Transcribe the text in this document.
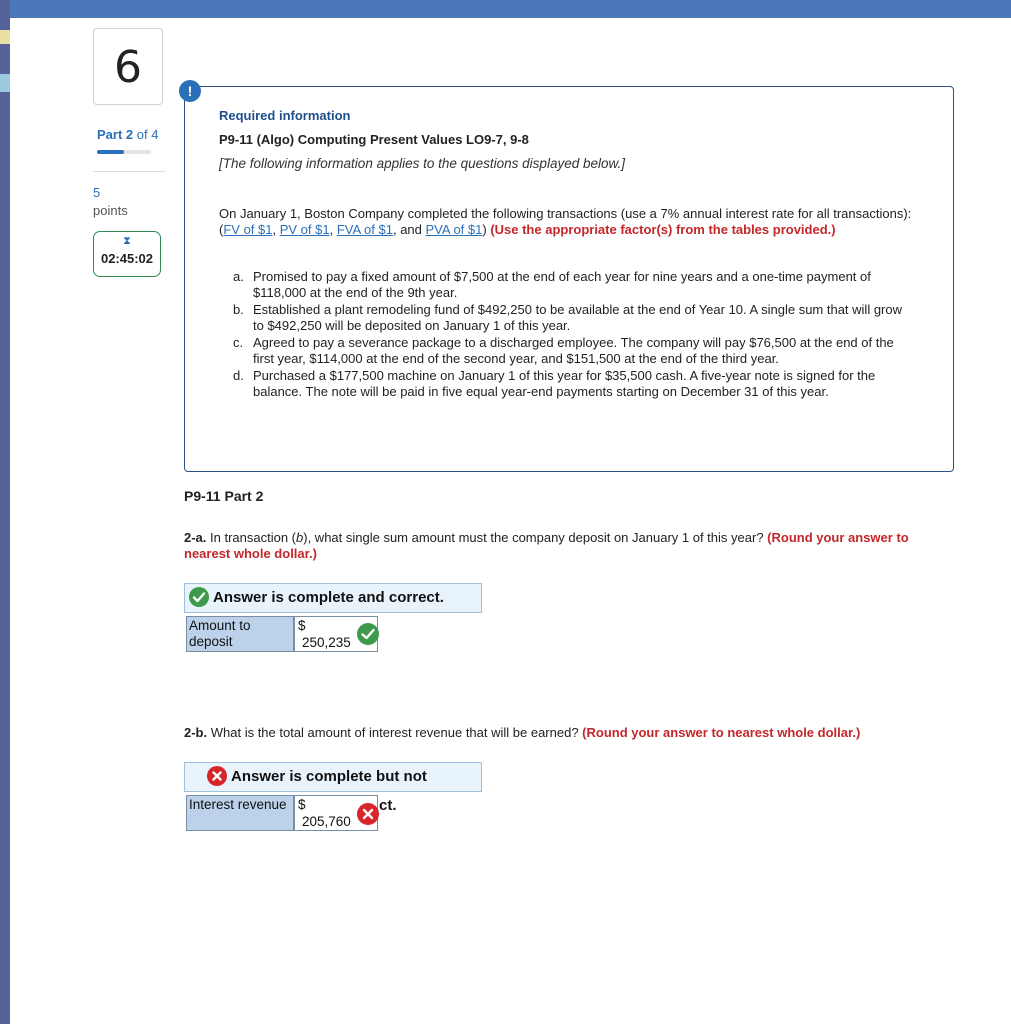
6
Part 2 of 4
5
points
⧗
02:45:02
!
Required information
P9-11 (Algo) Computing Present Values LO9-7, 9-8
[The following information applies to the questions displayed below.]
On January 1, Boston Company completed the following transactions (use a 7% annual interest rate for all transactions): (FV of $1, PV of $1, FVA of $1, and PVA of $1) (Use the appropriate factor(s) from the tables provided.)
a. Promised to pay a fixed amount of $7,500 at the end of each year for nine years and a one-time payment of $118,000 at the end of the 9th year.
b. Established a plant remodeling fund of $492,250 to be available at the end of Year 10. A single sum that will grow to $492,250 will be deposited on January 1 of this year.
c. Agreed to pay a severance package to a discharged employee. The company will pay $76,500 at the end of the first year, $114,000 at the end of the second year, and $151,500 at the end of the third year.
d. Purchased a $177,500 machine on January 1 of this year for $35,500 cash. A five-year note is signed for the balance. The note will be paid in five equal year-end payments starting on December 31 of this year.
P9-11 Part 2
2-a. In transaction (b), what single sum amount must the company deposit on January 1 of this year? (Round your answer to nearest whole dollar.)
Answer is complete and correct.
Amount to deposit
$
250,235
2-b. What is the total amount of interest revenue that will be earned? (Round your answer to nearest whole dollar.)
Answer is complete but not
Interest revenue $
205,760
ct.
